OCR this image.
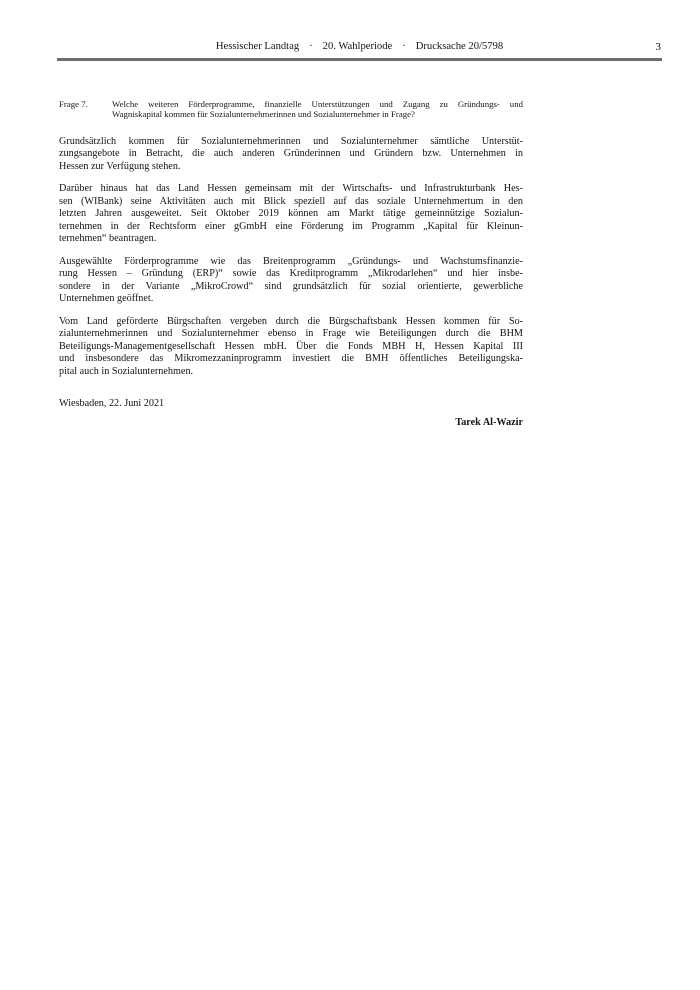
Hessischer Landtag · 20. Wahlperiode · Drucksache 20/5798	3
Frage 7.	Welche weiteren Förderprogramme, finanzielle Unterstützungen und Zugang zu Gründungs- und
Wagniskapital kommen für Sozialunternehmerinnen und Sozialunternehmer in Frage?
Grundsätzlich kommen für Sozialunternehmerinnen und Sozialunternehmer sämtliche Unterstüt-
zungsangebote in Betracht, die auch anderen Gründerinnen und Gründern bzw. Unternehmen in
Hessen zur Verfügung stehen.
Darüber hinaus hat das Land Hessen gemeinsam mit der Wirtschafts- und Infrastrukturbank Hes-
sen (WIBank) seine Aktivitäten auch mit Blick speziell auf das soziale Unternehmertum in den
letzten Jahren ausgeweitet. Seit Oktober 2019 können am Markt tätige gemeinnützige Sozialun-
ternehmen in der Rechtsform einer gGmbH eine Förderung im Programm „Kapital für Kleinun-
ternehmen“ beantragen.
Ausgewählte Förderprogramme wie das Breitenprogramm „Gründungs- und Wachstumsfinanzie-
rung Hessen – Gründung (ERP)“ sowie das Kreditprogramm „Mikrodarlehen“ und hier insbe-
sondere in der Variante „MikroCrowd“ sind grundsätzlich für sozial orientierte, gewerbliche
Unternehmen geöffnet.
Vom Land geförderte Bürgschaften vergeben durch die Bürgschaftsbank Hessen kommen für So-
zialunternehmerinnen und Sozialunternehmer ebenso in Frage wie Beteiligungen durch die BHM
Beteiligungs-Managementgesellschaft Hessen mbH. Über die Fonds MBH H, Hessen Kapital III
und insbesondere das Mikromezzaninprogramm investiert die BMH öffentliches Beteiligungska-
pital auch in Sozialunternehmen.
Wiesbaden, 22. Juni 2021
Tarek Al-Wazir
